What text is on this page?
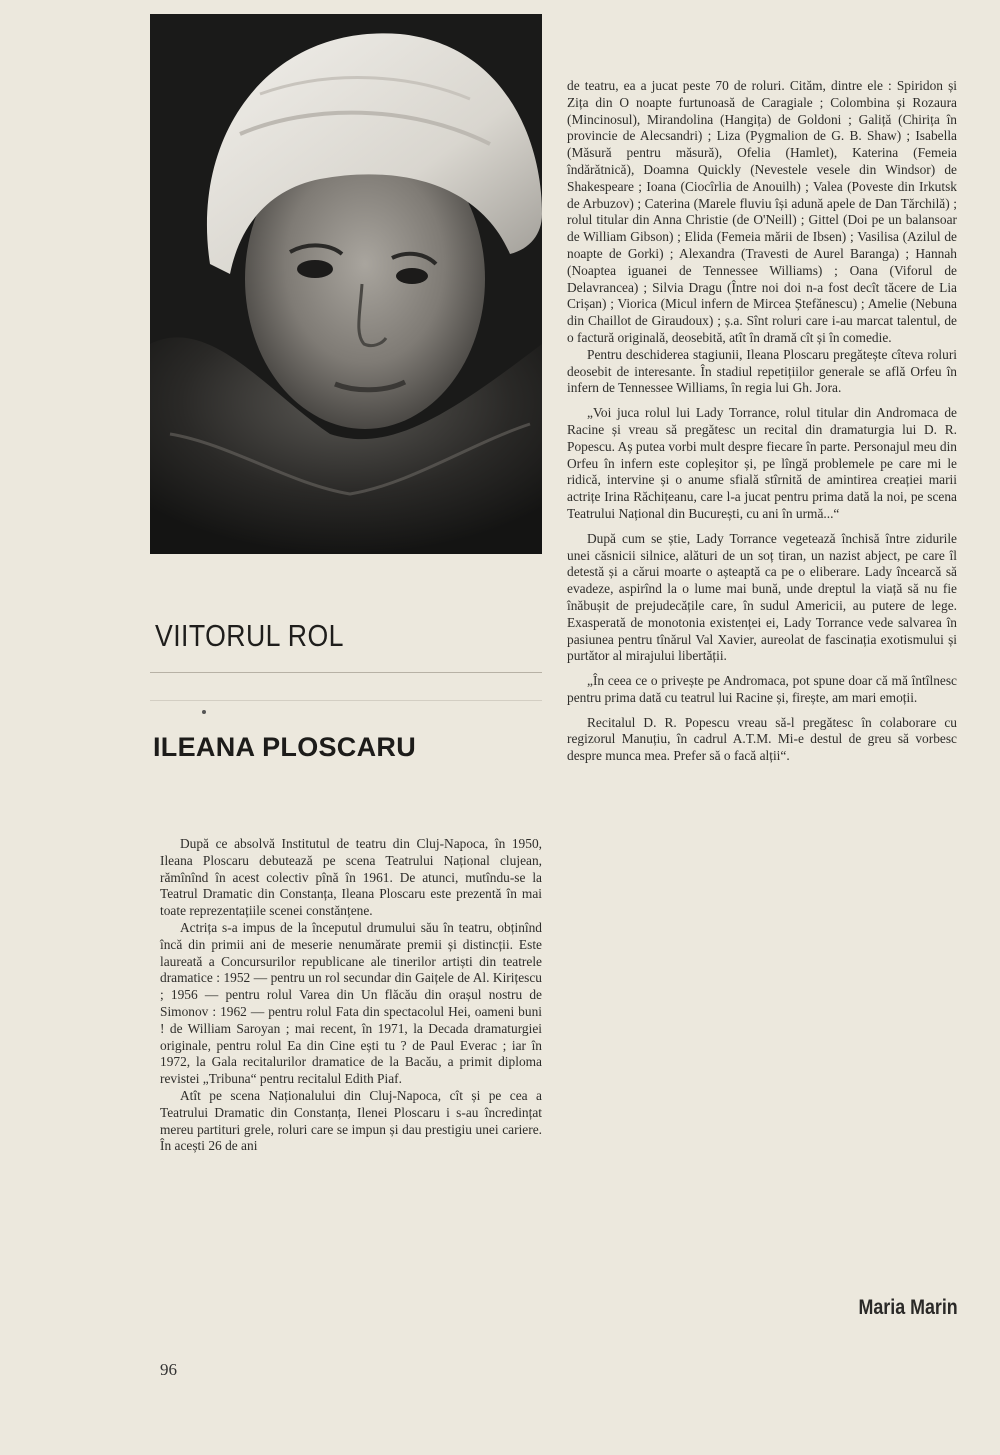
VIITORUL ROL
ILEANA PLOSCARU

După ce absolvă Institutul de teatru din Cluj-Napoca, în 1950, Ileana Ploscaru debutează pe scena Teatrului Național clujean, rămînînd în acest colectiv pînă în 1961. De atunci, mutîndu-se la Teatrul Dramatic din Constanța, Ileana Ploscaru este prezentă în mai toate reprezentațiile scenei constănțene.

Actrița s-a impus de la începutul drumului său în teatru, obținînd încă din primii ani de meserie nenumărate premii și distincții. Este laureată a Concursurilor republicane ale tinerilor artiști din teatrele dramatice : 1952 — pentru un rol secundar din Gaițele de Al. Kirițescu ; 1956 — pentru rolul Varea din Un flăcău din orașul nostru de Simonov : 1962 — pentru rolul Fata din spectacolul Hei, oameni buni ! de William Saroyan ; mai recent, în 1971, la Decada dramaturgiei originale, pentru rolul Ea din Cine ești tu ? de Paul Everac ; iar în 1972, la Gala recitalurilor dramatice de la Bacău, a primit diploma revistei „Tribuna“ pentru recitalul Edith Piaf.

Atît pe scena Naționalului din Cluj-Napoca, cît și pe cea a Teatrului Dramatic din Constanța, Ilenei Ploscaru i s-au încredințat mereu partituri grele, roluri care se impun și dau prestigiu unei cariere. În acești 26 de ani

de teatru, ea a jucat peste 70 de roluri. Cităm, dintre ele : Spiridon și Zița din O noapte furtunoasă de Caragiale ; Colombina și Rozaura (Mincinosul), Mirandolina (Hangița) de Goldoni ; Galiță (Chirița în provincie de Alecsandri) ; Liza (Pygmalion de G. B. Shaw) ; Isabella (Măsură pentru măsură), Ofelia (Hamlet), Katerina (Femeia îndărătnică), Doamna Quickly (Nevestele vesele din Windsor) de Shakespeare ; Ioana (Ciocîrlia de Anouilh) ; Valea (Poveste din Irkutsk de Arbuzov) ; Caterina (Marele fluviu își adună apele de Dan Tărchilă) ; rolul titular din Anna Christie (de O'Neill) ; Gittel (Doi pe un balansoar de William Gibson) ; Elida (Femeia mării de Ibsen) ; Vasilisa (Azilul de noapte de Gorki) ; Alexandra (Travesti de Aurel Baranga) ; Hannah (Noaptea iguanei de Tennessee Williams) ; Oana (Viforul de Delavrancea) ; Silvia Dragu (Între noi doi n-a fost decît tăcere de Lia Crișan) ; Viorica (Micul infern de Mircea Ștefănescu) ; Amelie (Nebuna din Chaillot de Giraudoux) ; ș.a. Sînt roluri care i-au marcat talentul, de o factură originală, deosebită, atît în dramă cît și în comedie.

Pentru deschiderea stagiunii, Ileana Ploscaru pregătește cîteva roluri deosebit de interesante. În stadiul repetițiilor generale se află Orfeu în infern de Tennessee Williams, în regia lui Gh. Jora.

„Voi juca rolul lui Lady Torrance, rolul titular din Andromaca de Racine și vreau să pregătesc un recital din dramaturgia lui D. R. Popescu. Aș putea vorbi mult despre fiecare în parte. Personajul meu din Orfeu în infern este copleșitor și, pe lîngă problemele pe care mi le ridică, intervine și o anume sfială stîrnită de amintirea creației marii actrițe Irina Răchițeanu, care l-a jucat pentru prima dată la noi, pe scena Teatrului Național din București, cu ani în urmă...“

După cum se știe, Lady Torrance vegetează închisă între zidurile unei căsnicii silnice, alături de un soț tiran, un nazist abject, pe care îl detestă și a cărui moarte o așteaptă ca pe o eliberare. Lady încearcă să evadeze, aspirînd la o lume mai bună, unde dreptul la viață să nu fie înăbușit de prejudecățile care, în sudul Americii, au putere de lege. Exasperată de monotonia existenței ei, Lady Torrance vede salvarea în pasiunea pentru tînărul Val Xavier, aureolat de fascinația exotismului și purtător al mirajului libertății.

„În ceea ce o privește pe Andromaca, pot spune doar că mă întîlnesc pentru prima dată cu teatrul lui Racine și, firește, am mari emoții.

Recitalul D. R. Popescu vreau să-l pregătesc în colaborare cu regizorul Manuțiu, în cadrul A.T.M. Mi-e destul de greu să vorbesc despre munca mea. Prefer să o facă alții“.

Maria Marin
96
